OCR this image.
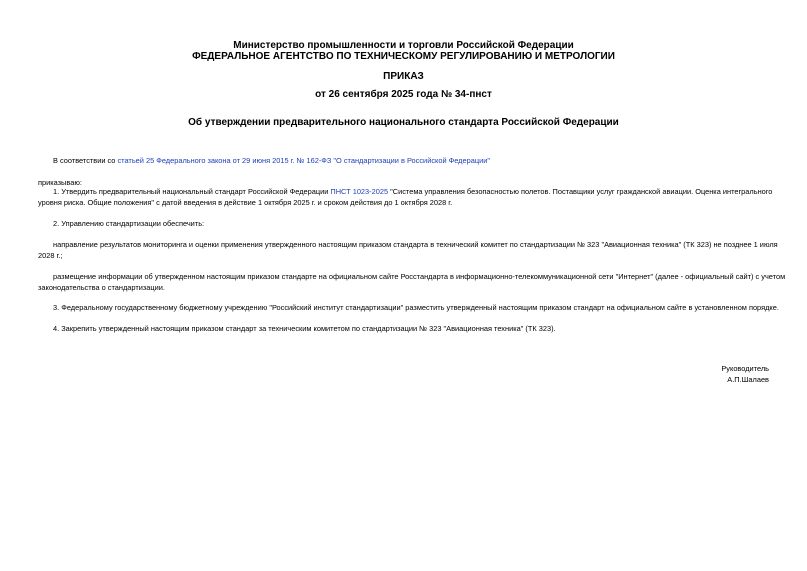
Министерство промышленности и торговли Российской Федерации
ФЕДЕРАЛЬНОЕ АГЕНТСТВО ПО ТЕХНИЧЕСКОМУ РЕГУЛИРОВАНИЮ И МЕТРОЛОГИИ
ПРИКАЗ
от 26 сентября 2025 года № 34-пнст
Об утверждении предварительного национального стандарта Российской Федерации
В соответствии со статьей 25 Федерального закона от 29 июня 2015 г. № 162-ФЗ "О стандартизации в Российской Федерации"
приказываю:
1. Утвердить предварительный национальный стандарт Российской Федерации ПНСТ 1023-2025 "Система управления безопасностью полетов. Поставщики услуг гражданской авиации. Оценка интегрального
уровня риска. Общие положения" с датой введения в действие 1 октября 2025 г. и сроком действия до 1 октября 2028 г.
2. Управлению стандартизации обеспечить:
направление результатов мониторинга и оценки применения утвержденного настоящим приказом стандарта в технический комитет по стандартизации № 323 "Авиационная техника" (ТК 323) не позднее 1 июля
2028 г.;
размещение информации об утвержденном настоящим приказом стандарте на официальном сайте Росстандарта в информационно-телекоммуникационной сети "Интернет" (далее - официальный сайт) с учетом
законодательства о стандартизации.
3. Федеральному государственному бюджетному учреждению "Российский институт стандартизации" разместить утвержденный настоящим приказом стандарт на официальном сайте в установленном порядке.
4. Закрепить утвержденный настоящим приказом стандарт за техническим комитетом по стандартизации № 323 "Авиационная техника" (ТК 323).
Руководитель
А.П.Шалаев
